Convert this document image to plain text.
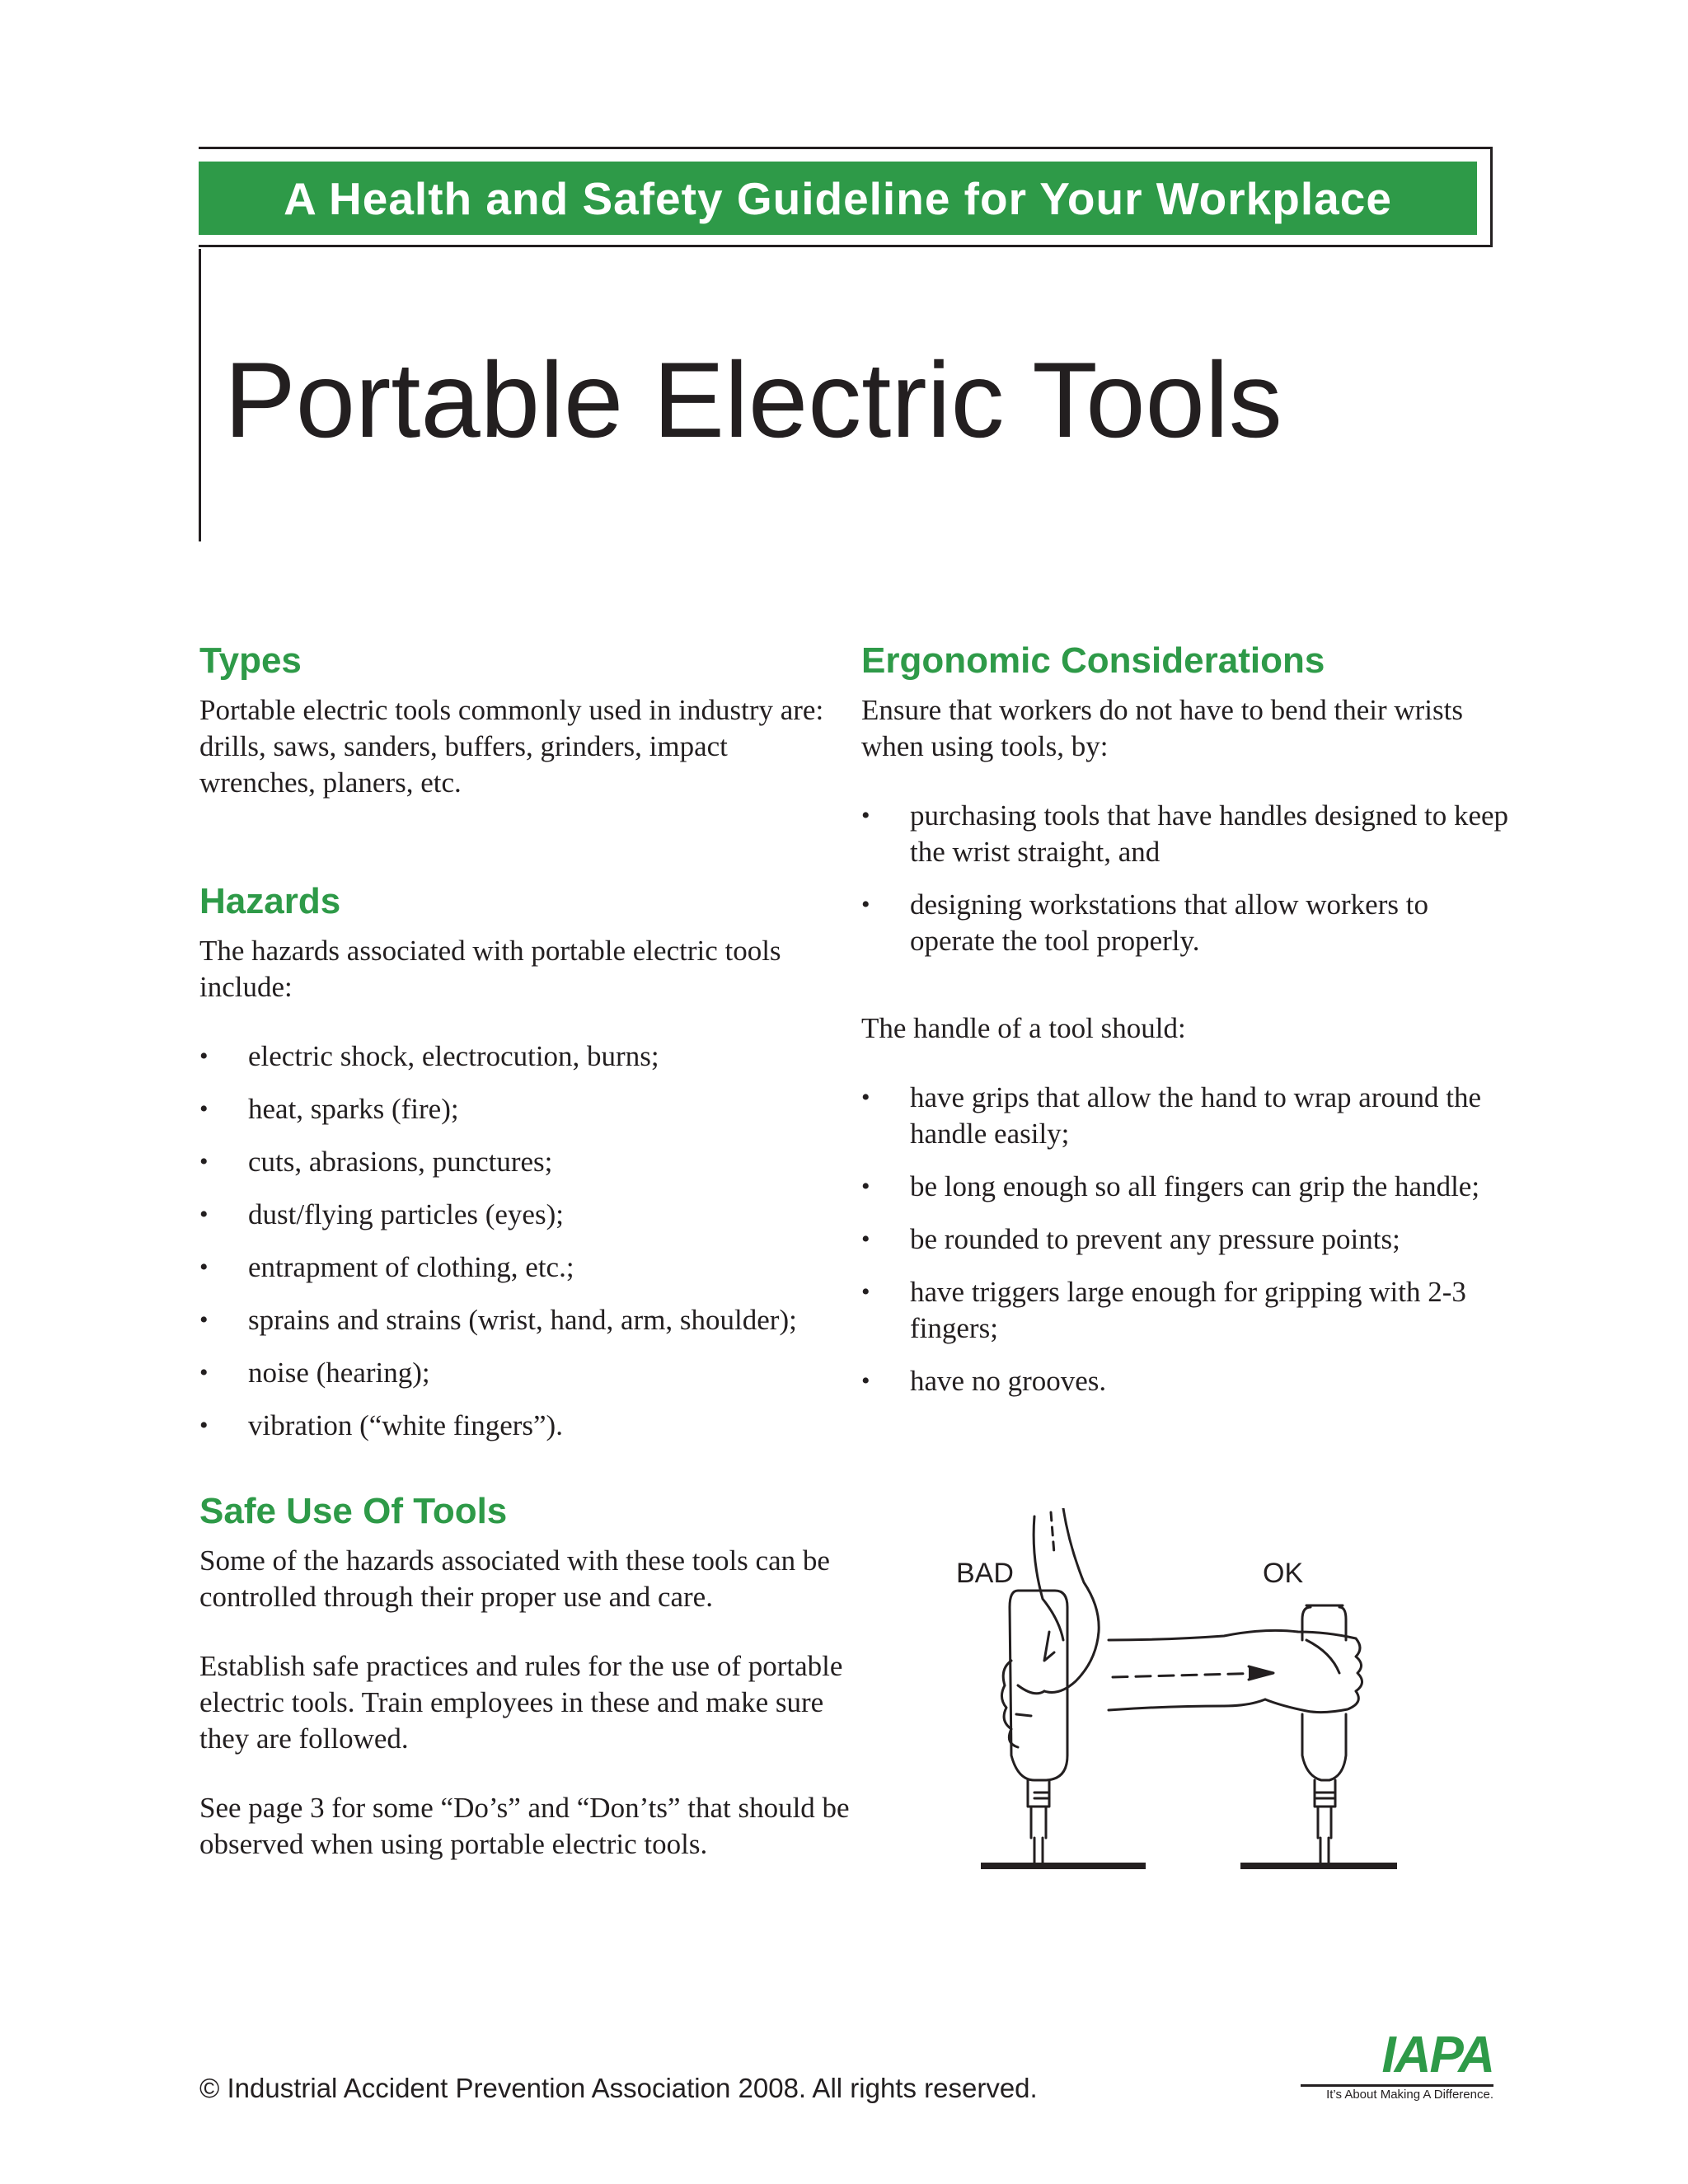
A Health and Safety Guideline for Your Workplace
Portable Electric Tools
Types

Portable electric tools commonly used in industry are: drills, saws, sanders, buffers, grinders, impact wrenches, planers, etc.

Hazards

The hazards associated with portable electric tools include:

• electric shock, electrocution, burns;
• heat, sparks (fire);
• cuts, abrasions, punctures;
• dust/flying particles (eyes);
• entrapment of clothing, etc.;
• sprains and strains (wrist, hand, arm, shoulder);
• noise (hearing);
• vibration (“white fingers”).
Safe Use Of Tools

Some of the hazards associated with these tools can be controlled through their proper use and care.

Establish safe practices and rules for the use of portable electric tools. Train employees in these and make sure they are followed.

See page 3 for some “Do’s” and “Don’ts” that should be observed when using portable electric tools.

Ergonomic Considerations

Ensure that workers do not have to bend their wrists when using tools, by:

• purchasing tools that have handles designed to keep the wrist straight, and
• designing workstations that allow workers to operate the tool properly.

The handle of a tool should:

• have grips that allow the hand to wrap around the handle easily;
• be long enough so all fingers can grip the handle;
• be rounded to prevent any pressure points;
• have triggers large enough for gripping with 2-3 fingers;
• have no grooves.
BAD	OK
© Industrial Accident Prevention Association 2008. All rights reserved.
IAPA
It’s About Making A Difference.
